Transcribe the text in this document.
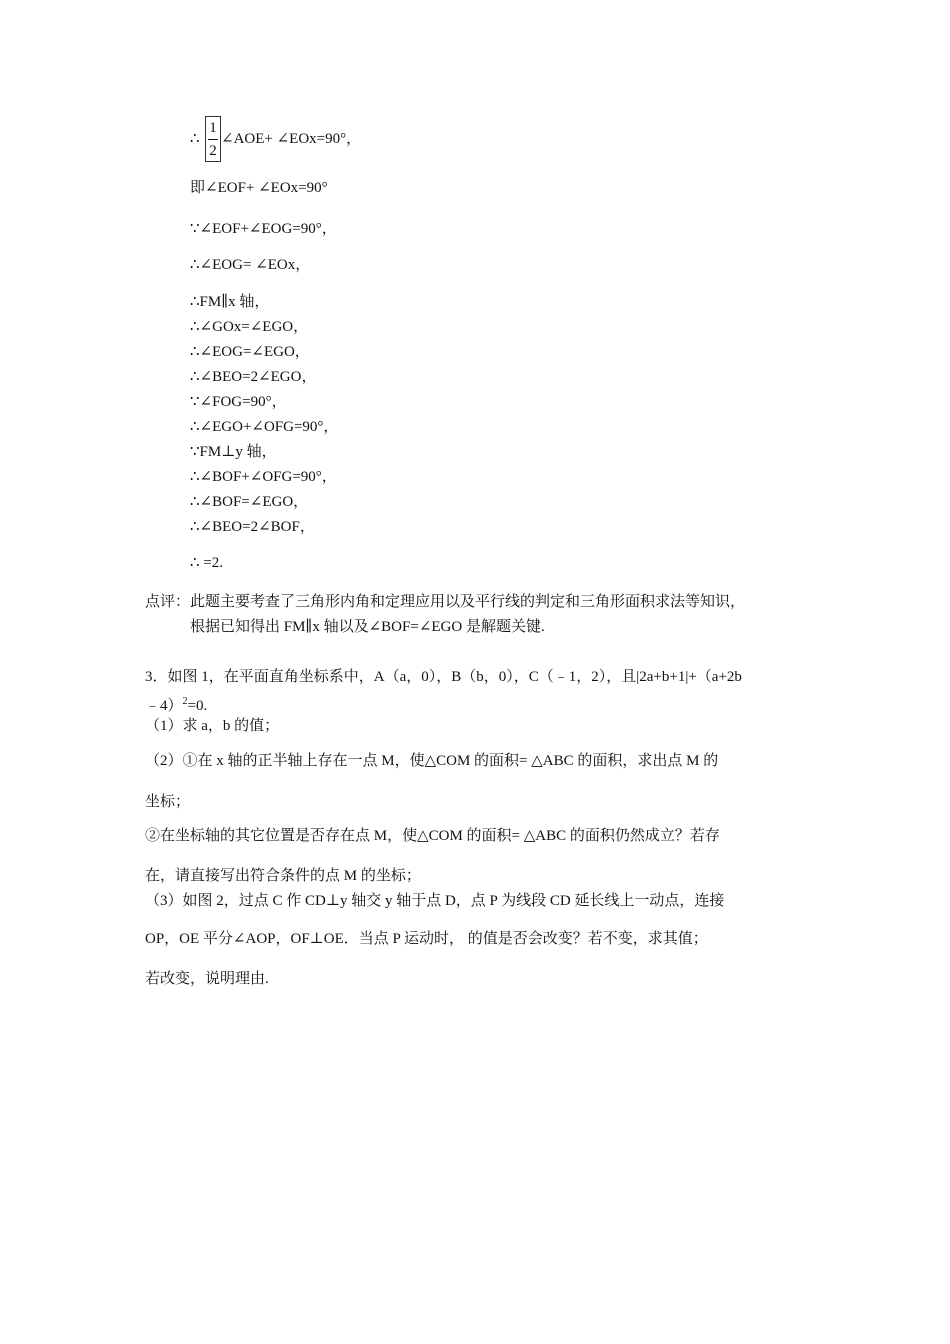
∴
1
2
∠AOE+ ∠EOx=90°，
即∠EOF+ ∠EOx=90°
∵∠EOF+∠EOG=90°，
∴∠EOG= ∠EOx，
∴FM∥x 轴，
∴∠GOx=∠EGO，
∴∠EOG=∠EGO，
∴∠BEO=2∠EGO，
∵∠FOG=90°，
∴∠EGO+∠OFG=90°，
∵FM⊥y 轴，
∴∠BOF+∠OFG=90°，
∴∠BOF=∠EGO，
∴∠BEO=2∠BOF，
∴ =2.
点评：此题主要考查了三角形内角和定理应用以及平行线的判定和三角形面积求法等知识，
根据已知得出 FM∥x 轴以及∠BOF=∠EGO 是解题关键.
3．如图 1，在平面直角坐标系中，A（a，0），B（b，0），C（﹣1，2），且|2a+b+1|+（a+2b
﹣4）$^2$=0.
（1）求 a，b 的值；
（2）①在 x 轴的正半轴上存在一点 M，使△COM 的面积= △ABC 的面积，求出点 M 的
坐标；
②在坐标轴的其它位置是否存在点 M，使△COM 的面积= △ABC 的面积仍然成立？若存
在，请直接写出符合条件的点 M 的坐标；
（3）如图 2，过点 C 作 CD⊥y 轴交 y 轴于点 D，点 P 为线段 CD 延长线上一动点，连接
OP，OE 平分∠AOP，OF⊥OE．当点 P 运动时， 的值是否会改变？若不变，求其值；
若改变，说明理由.
